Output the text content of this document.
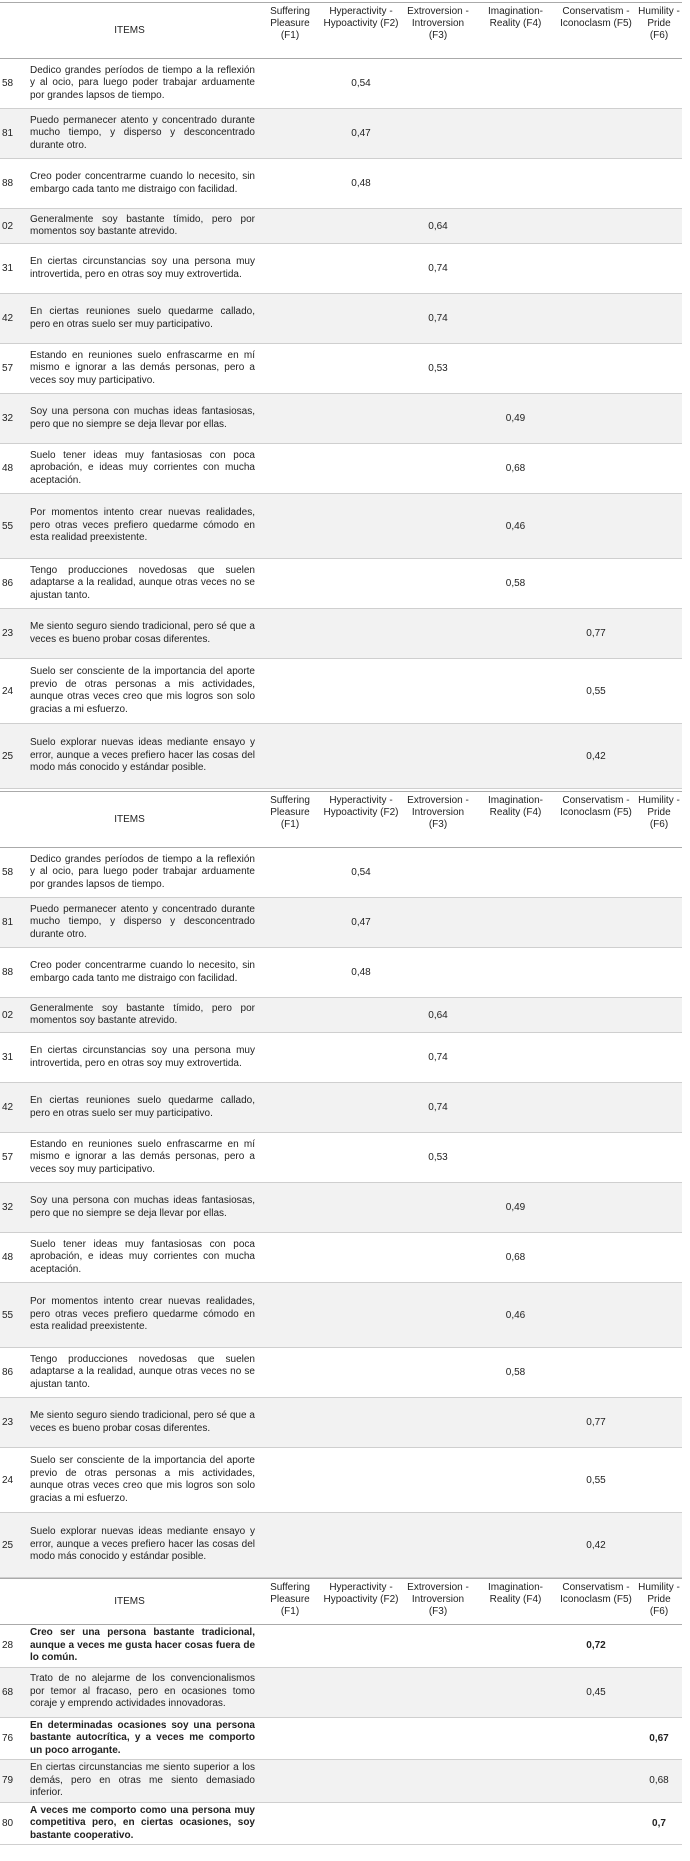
ITEMS		Suffering Pleasure (F1)	Hyperactivity -Hypoactivity (F2)	Extroversion -Introversion (F3)	Imagination-Reality (F4)	Conservatism - Iconoclasm (F5)	Humility - Pride (F6)
58	Dedico grandes períodos de tiempo a la reflexión y al ocio, para luego poder trabajar arduamente por grandes lapsos de tiempo.		0,54				
81	Puedo permanecer atento y concentrado durante mucho tiempo, y disperso y desconcentrado durante otro.		0,47				
88	Creo poder concentrarme cuando lo necesito, sin embargo cada tanto me distraigo con facilidad.		0,48				
02	Generalmente soy bastante tímido, pero por momentos soy bastante atrevido.			0,64			
31	En ciertas circunstancias soy una persona muy introvertida, pero en otras soy muy extrovertida.			0,74			
42	En ciertas reuniones suelo quedarme callado, pero en otras suelo ser muy participativo.			0,74			
57	Estando en reuniones suelo enfrascarme en mí mismo e ignorar a las demás personas, pero a veces soy muy participativo.			0,53			
32	Soy una persona con muchas ideas fantasiosas, pero que no siempre se deja llevar por ellas.				0,49		
48	Suelo tener ideas muy fantasiosas con poca aprobación, e ideas muy corrientes con mucha aceptación.				0,68		
55	Por momentos intento crear nuevas realidades, pero otras veces prefiero quedarme cómodo en esta realidad preexistente.				0,46		
86	Tengo producciones novedosas que suelen adaptarse a la realidad, aunque otras veces no se ajustan tanto.				0,58		
23	Me siento seguro siendo tradicional, pero sé que a veces es bueno probar cosas diferentes.					0,77	
24	Suelo ser consciente de la importancia del aporte previo de otras personas a mis actividades, aunque otras veces creo que mis logros son solo gracias a mi esfuerzo.					0,55	
25	Suelo explorar nuevas ideas mediante ensayo y error, aunque a veces prefiero hacer las cosas del modo más conocido y estándar posible.					0,42	
ITEMS		Suffering Pleasure (F1)	Hyperactivity -Hypoactivity (F2)	Extroversion -Introversion (F3)	Imagination-Reality (F4)	Conservatism - Iconoclasm (F5)	Humility - Pride (F6)
58	Dedico grandes períodos de tiempo a la reflexión y al ocio, para luego poder trabajar arduamente por grandes lapsos de tiempo.		0,54				
81	Puedo permanecer atento y concentrado durante mucho tiempo, y disperso y desconcentrado durante otro.		0,47				
88	Creo poder concentrarme cuando lo necesito, sin embargo cada tanto me distraigo con facilidad.		0,48				
02	Generalmente soy bastante tímido, pero por momentos soy bastante atrevido.			0,64			
31	En ciertas circunstancias soy una persona muy introvertida, pero en otras soy muy extrovertida.			0,74			
42	En ciertas reuniones suelo quedarme callado, pero en otras suelo ser muy participativo.			0,74			
57	Estando en reuniones suelo enfrascarme en mí mismo e ignorar a las demás personas, pero a veces soy muy participativo.			0,53			
32	Soy una persona con muchas ideas fantasiosas, pero que no siempre se deja llevar por ellas.				0,49		
48	Suelo tener ideas muy fantasiosas con poca aprobación, e ideas muy corrientes con mucha aceptación.				0,68		
55	Por momentos intento crear nuevas realidades, pero otras veces prefiero quedarme cómodo en esta realidad preexistente.				0,46		
86	Tengo producciones novedosas que suelen adaptarse a la realidad, aunque otras veces no se ajustan tanto.				0,58		
23	Me siento seguro siendo tradicional, pero sé que a veces es bueno probar cosas diferentes.					0,77	
24	Suelo ser consciente de la importancia del aporte previo de otras personas a mis actividades, aunque otras veces creo que mis logros son solo gracias a mi esfuerzo.					0,55	
25	Suelo explorar nuevas ideas mediante ensayo y error, aunque a veces prefiero hacer las cosas del modo más conocido y estándar posible.					0,42	
ITEMS		Suffering Pleasure (F1)	Hyperactivity -Hypoactivity (F2)	Extroversion -Introversion (F3)	Imagination-Reality (F4)	Conservatism - Iconoclasm (F5)	Humility - Pride (F6)
28	Creo ser una persona bastante tradicional, aunque a veces me gusta hacer cosas fuera de lo común.					0,72	
68	Trato de no alejarme de los convencionalismos por temor al fracaso, pero en ocasiones tomo coraje y emprendo actividades innovadoras.					0,45	
76	En determinadas ocasiones soy una persona bastante autocrítica, y a veces me comporto un poco arrogante.						0,67
79	En ciertas circunstancias me siento superior a los demás, pero en otras me siento demasiado inferior.						0,68
80	A veces me comporto como una persona muy competitiva pero, en ciertas ocasiones, soy bastante cooperativo.						0,7
